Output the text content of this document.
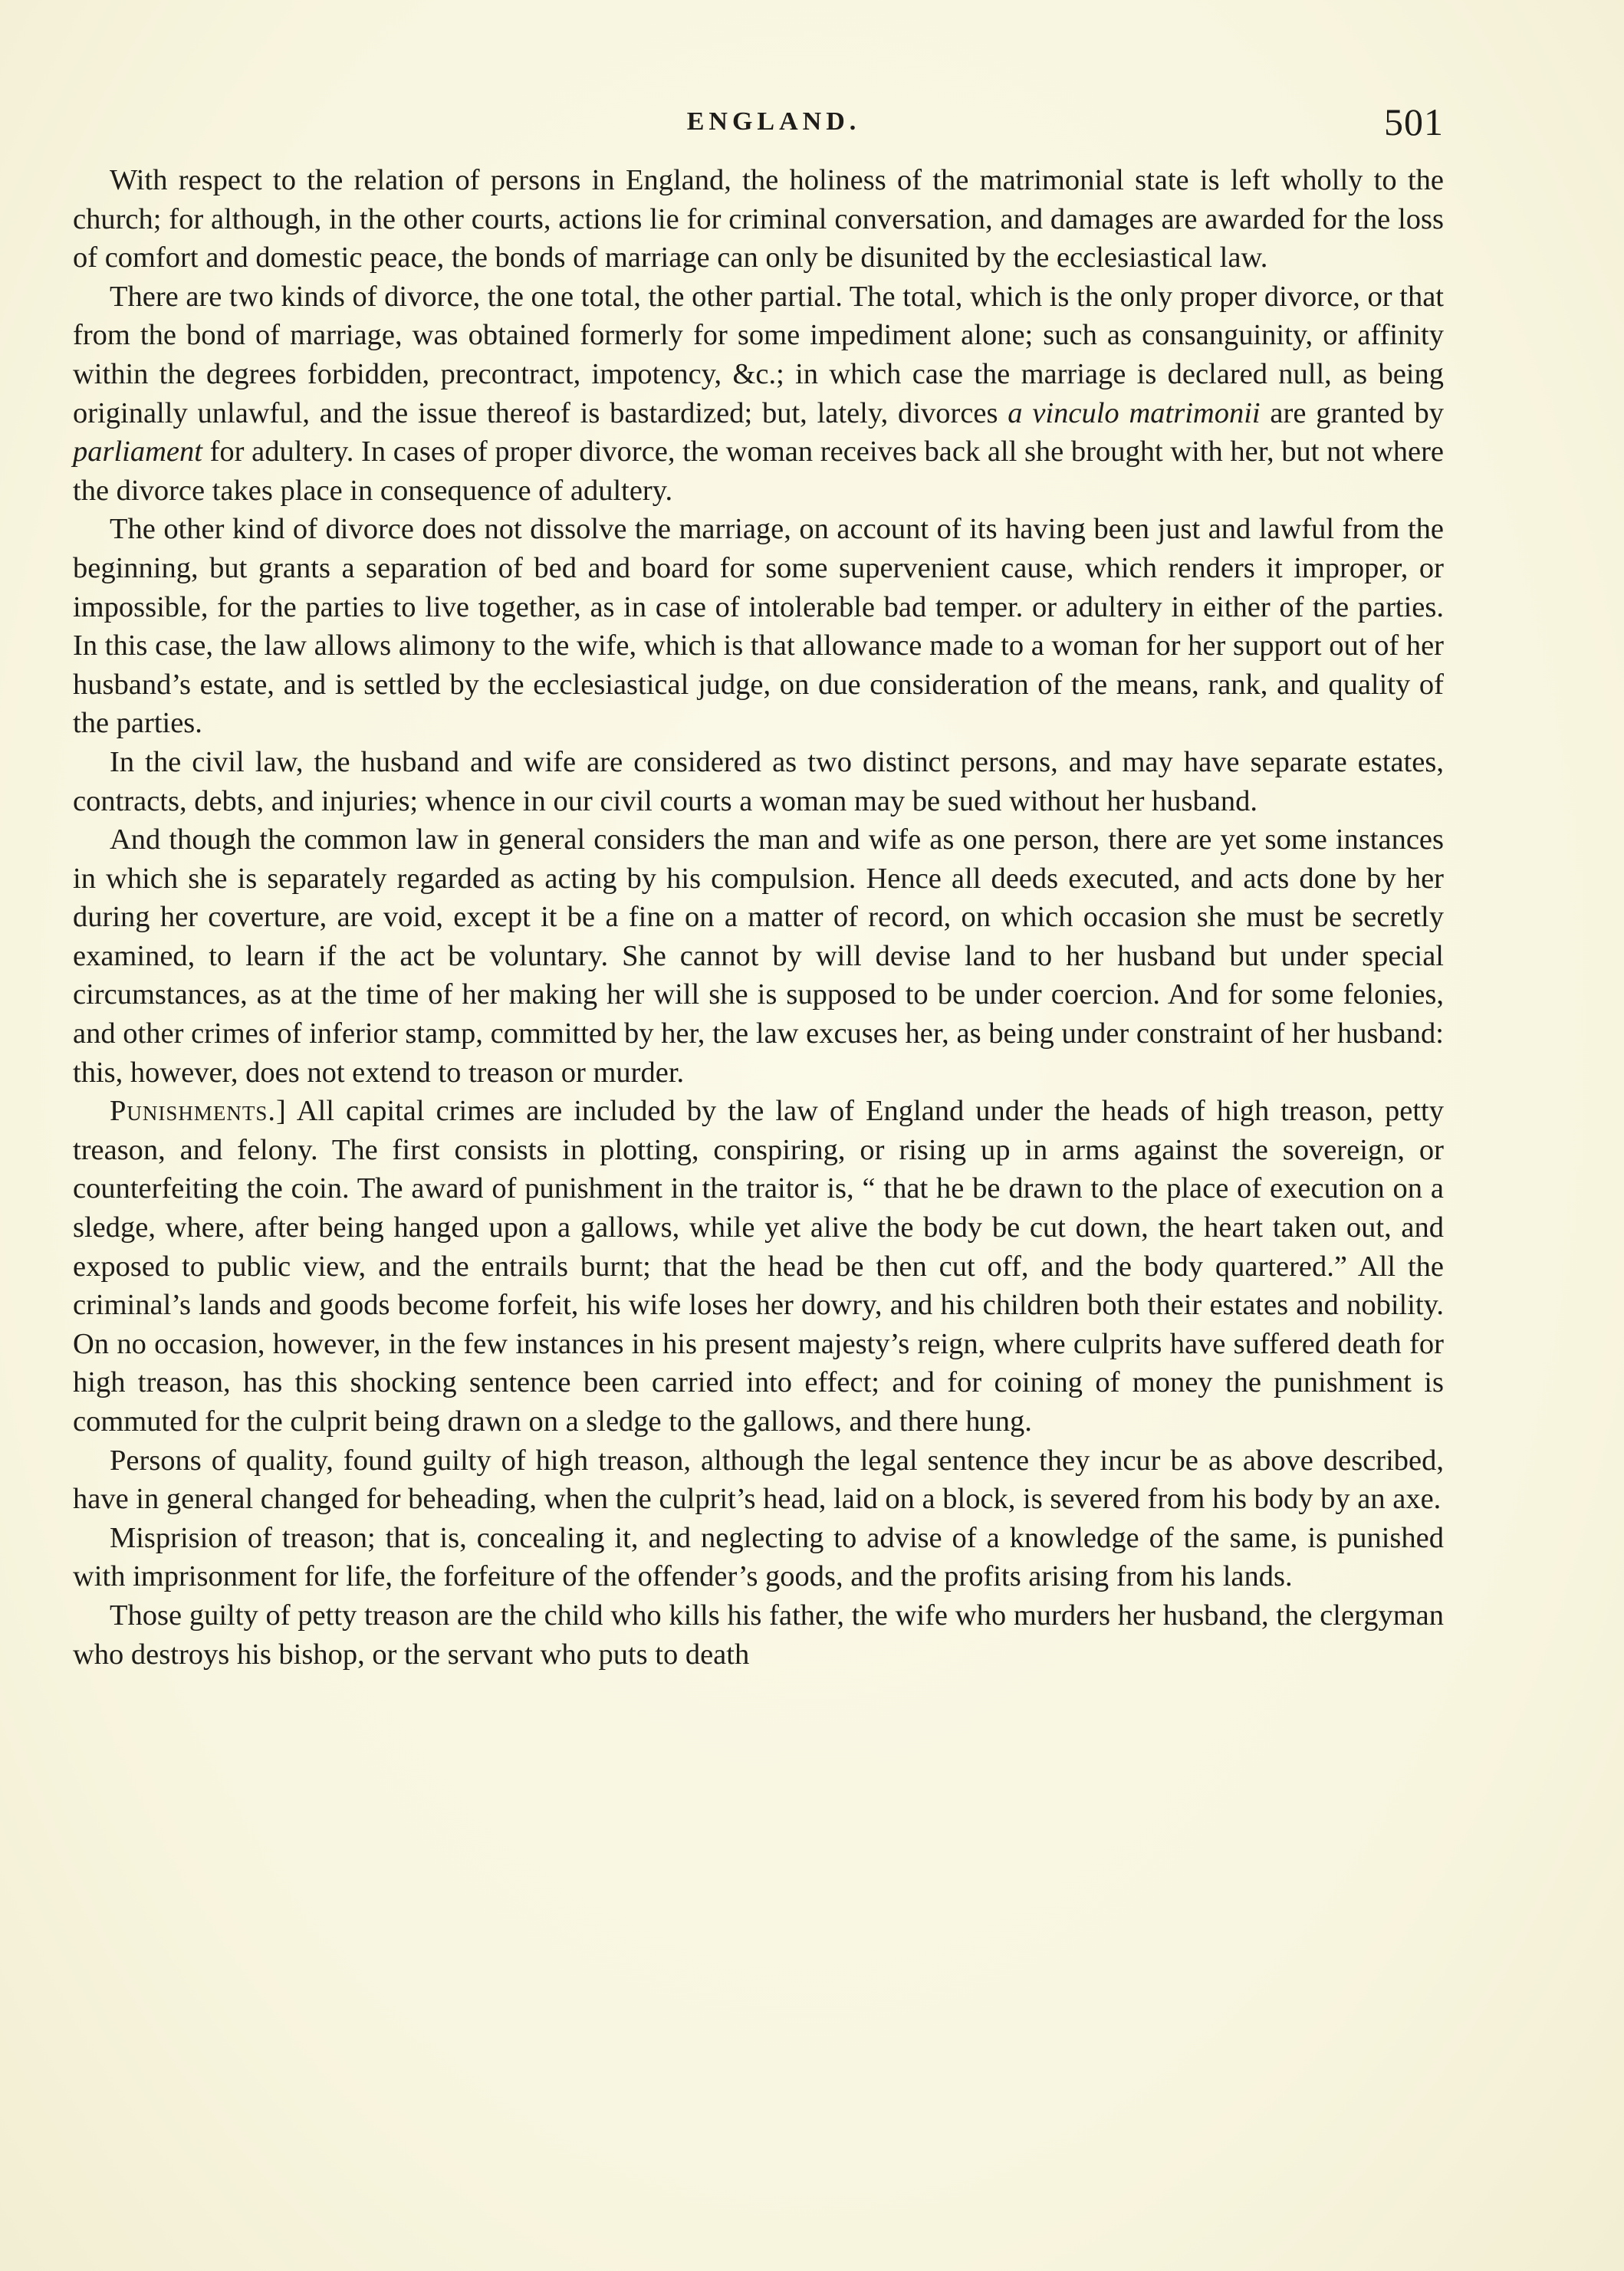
ENGLAND.	501

With respect to the relation of persons in England, the holiness of the matrimonial state is left wholly to the church; for although, in the other courts, actions lie for criminal conversation, and damages are awarded for the loss of comfort and domestic peace, the bonds of marriage can only be disunited by the ecclesiastical law.

There are two kinds of divorce, the one total, the other partial. The total, which is the only proper divorce, or that from the bond of marriage, was obtained formerly for some impediment alone; such as consanguinity, or affinity within the degrees forbidden, precontract, impotency, &c.; in which case the marriage is declared null, as being originally unlawful, and the issue thereof is bastardized; but, lately, divorces a vinculo matrimonii are granted by parliament for adultery. In cases of proper divorce, the woman receives back all she brought with her, but not where the divorce takes place in consequence of adultery.

The other kind of divorce does not dissolve the marriage, on account of its having been just and lawful from the beginning, but grants a separation of bed and board for some supervenient cause, which renders it improper, or impossible, for the parties to live together, as in case of intolerable bad temper. or adultery in either of the parties. In this case, the law allows alimony to the wife, which is that allowance made to a woman for her support out of her husband’s estate, and is settled by the ecclesiastical judge, on due consideration of the means, rank, and quality of the parties.

In the civil law, the husband and wife are considered as two distinct persons, and may have separate estates, contracts, debts, and injuries; whence in our civil courts a woman may be sued without her husband.

And though the common law in general considers the man and wife as one person, there are yet some instances in which she is separately regarded as acting by his compulsion. Hence all deeds executed, and acts done by her during her coverture, are void, except it be a fine on a matter of record, on which occasion she must be secretly examined, to learn if the act be voluntary. She cannot by will devise land to her husband but under special circumstances, as at the time of her making her will she is supposed to be under coercion. And for some felonies, and other crimes of inferior stamp, committed by her, the law excuses her, as being under constraint of her husband: this, however, does not extend to treason or murder.

Punishments.] All capital crimes are included by the law of England under the heads of high treason, petty treason, and felony. The first consists in plotting, conspiring, or rising up in arms against the sovereign, or counterfeiting the coin. The award of punishment in the traitor is, “ that he be drawn to the place of execution on a sledge, where, after being hanged upon a gallows, while yet alive the body be cut down, the heart taken out, and exposed to public view, and the entrails burnt; that the head be then cut off, and the body quartered.” All the criminal’s lands and goods become forfeit, his wife loses her dowry, and his children both their estates and nobility. On no occasion, however, in the few instances in his present majesty’s reign, where culprits have suffered death for high treason, has this shocking sentence been carried into effect; and for coining of money the punishment is commuted for the culprit being drawn on a sledge to the gallows, and there hung.

Persons of quality, found guilty of high treason, although the legal sentence they incur be as above described, have in general changed for beheading, when the culprit’s head, laid on a block, is severed from his body by an axe.

Misprision of treason; that is, concealing it, and neglecting to advise of a knowledge of the same, is punished with imprisonment for life, the forfeiture of the offender’s goods, and the profits arising from his lands.

Those guilty of petty treason are the child who kills his father, the wife who murders her husband, the clergyman who destroys his bishop, or the servant who puts to death
